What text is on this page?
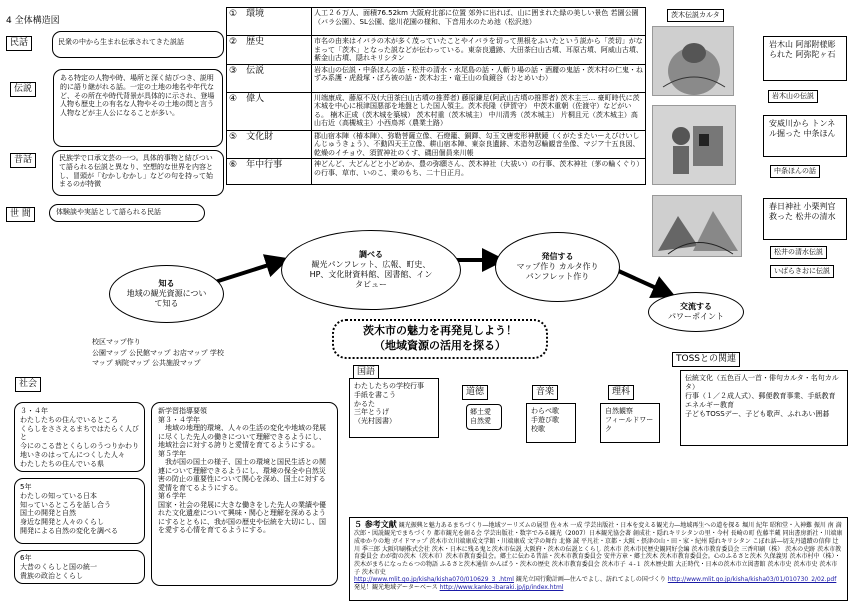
4 全体構造図
民話	民衆の中から生まれ伝承されてきた説話
伝説
ある特定の人物や時、場所と深く結びつき、説明的に語り継がれる話。一定の土地の地名や年代など、その所在や時代背景が具体的に示され、登場人物も歴史上の有名な人物やその土地の問と言う人物などが主人公になることが多い。
昔話	民族学で口承文芸の一つ。具体的事物と結びついて語られる伝説と異なり、空想的な世界を内容とし、冒頭が「むかしむかし」などの句を持って始まるのが特徴
世 間	体験談や実話として語られる民話
①　 環境	人工２６万人、面積76.52km 大阪府北部に位置 郊外に出れば、山に囲まれた緑の美しい景色 若園公園（バラ公園）、SL公園、総川花園の様和、下音用水のため池（松沢池）
②　 歴史	市名の由来はイバラの木が多く茂っていたことやイバラを切って黒根をふいたという説から「茨切」がなまって「茨木」となった説などが伝わっている。東奈良遺跡、大田茶臼山古墳、耳原古墳、阿威山古墳、紫金山古墳、隠れキリシタン
③　 伝説	岩本山の伝説・中条ほんの話・松井の清水・水尾島の話・人斬り場の話・酒麗の鬼話・茨木村の仁鬼・ねずみ系護・虎殺塚・ぼろ被の話・茨木お主・竜王山の負鏡谷（おとめいわ）
④　 偉人	川端康成、藤原不及(大田茶臼山古墳の推葬者) 藤原鎌足(阿武山古墳の推葬者) 茨木主三… 豪町時代に茨木城を中心に根津国悪部を地盤とした国人領主。茨木長隆（伊賀守） 中茨木重朝（佐渡守）などがいる。 楠木正成（茨木城を築城） 茨木村重（茨木城主） 中川清秀（茨木城主） 片桐且元（茨木城主）高山右近（高槻城主）小西鳥邦（農業土路）
⑤　 文化財	郡山宿本陣（椿本陣）、弥勒菩薩立像、石燈籠、銅鐸、勾玉文唐変形神獣鏡（くがたまたいーえびけいしんじゅうきょう）、不動四天王立像、耕山宿本陣、東奈良遺跡、木造勿忍輪観音坐像、マジア十五良図、乾燥のイチョウ、須賀神社のくす、磯田個員来川帳
⑥　 年中行事	神どんど、大どんどと小どめか、豊の弥願さん、茨木神社（大祓い）の行事、茨木神社（茅の輪くぐり）の行事、草市、いのこ、乗のもち、二十日正月。
茨木伝説カルタ
岩木山 阿部附様彫られた 阿弥陀ヶ石
岩木山の伝説
安威川から トンネル掘った 中条ほん
中条ほんの話
春日神社 小栗判官救った 松井の清水
松井の清水伝説
いばらきおに伝説
知る
地域の観光資源について知る
調べる
観光パンフレット、広報、町史、HP、文化財資料館、図書館、インタビュー
発信する
マップ作り カルタ作り パンフレット作り
交流する
パワーポイント
茨木市の魅力を再発見しよう！
（地域資源の活用を探る）
校区マップ作り
公園マップ 公民館マップ お店マップ 学校
マップ 病院マップ 公共施設マップ
社会
３・４年
わたしたちの住んでいるところ
くらしをささえるまちではたらく人びと
今にのこる昔とくらしのうつりかわり
地いきのはってんにつくした人々
わたしたちの住んでいる県
5年
わたしの知っている日本
知っているところを話し合う
国土の開発と自然
身近な開発と人々のくらし
開発による自然の変化を調べる
6年
大昔のくらしと国の統一
貴族の政治とくらし
新学習指導要領
第３・４学年
　地域の地理的環境、人々の生活の変化や地域の発展に尽くした先人の働きについて理解できるようにし、地域社会に対する誇りと愛情を育てるようにする。
第５学年
　我が国の国土の様子、国土の環境と国民生活との関連について理解できるようにし、環境の保全や自然災害の防止の重要性について関心を深め、国土に対する愛情を育てるようにする。
第６学年
国家・社会の発展に大きな働きをした先人の業績や優れた文化遺産について興味・関心と理解を深めるようにするとともに、我が国の歴史や伝統を大切にし、国を愛する心情を育てるようにする。
国語
わたしたちの学校行事
手紙を書こう
かるた
三年とうげ
（光村図書）
道徳
郷土愛
自然愛
音楽
わらべ歌
手遊び歌
校歌
理科
自然観察
フィールドワーク
TOSSとの関連
伝統文化（五色百人一首・俳句カルタ・名句カルタ）
行事（１／２成人式）、郵便教育事業、手紙教育
エネルギー教育
子どもTOSSデー、子ども歌声、ふれあい囲碁
５ 参考文献 観光振興と魅力あるまちづくり―地域ツーリズムの展望 佐々木 一成 学芸出版社・日本を変える観光力―地域再生への道を探る 堀川 紀年 昭和堂・入神難 振川 南 満次郎・図説観光でまちづくり 都市観光を創る会 学芸出版社・数字でみる観光（2007）日本観光協会著 創成社・隠れキリシタンの里・今村 長崎の町 佐藤半蔵 同出書房新社・川端康成ゆかりの地 ガイドマップ 茨木市立川端康成文学館・川端康成 文学の舞台 北條 誠 平凡社・京都・大阪・摂津の山・田・家・紀州 隠れキリシタン こぼれ話―切支丹遺蹟の信仰 辻川 季三郎 大阪印刷株式会社 茨木・日本に残る鬼と茨木市伝説 大阪府・茨木の伝説とくらし 茨木市 茨木市民歴史観同好会編 茨木市教育委員会 三香印刷（株） 茨木の史跡 茨木市教育委員会 わが街の茨木（茨木市）茨木市教育委員会。郷土に伝わる昔話・茨木市教育委員会 安井方章・郷土茨木 茨木市教育委員会。心のふるさと茨木 久保義男 茨木市村中（株）・茨木がまちになった６つの物語 ふるさと茨木通信 かんぱう・茨木の歴史 茨木市教育委員会 茨木市子 ４-１ 茨木歴史館 大正時代・日本の茨木市立図書館 茨木市史 茨木市史 茨木市子 茨木市史
http://www.mlit.go.jp/kisha/kisha070/010629_3_.html 観光立国行動計画―住んでよし、訪れてよしの国づくり http://www.mlit.go.jp/kisha/kisha03/01/010730_2/02.pdf 発見！観光地域データーベース http://www.kanko-ibaraki.jp/jp/index.html
